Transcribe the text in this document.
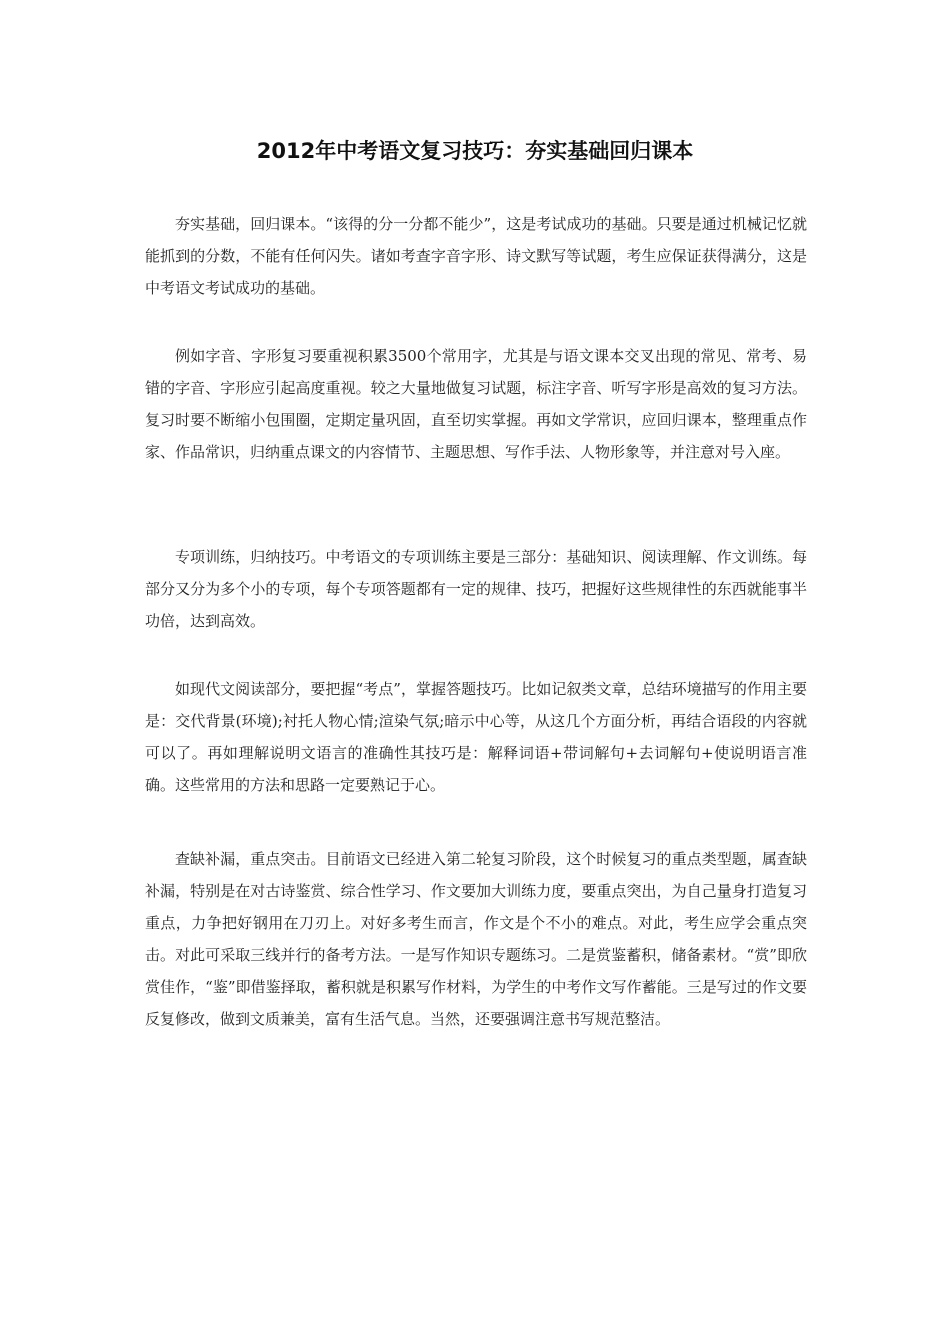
2012年中考语文复习技巧：夯实基础回归课本

夯实基础，回归课本。“该得的分一分都不能少”，这是考试成功的基础。只要是通过机械记忆就能抓到的分数，不能有任何闪失。诸如考查字音字形、诗文默写等试题，考生应保证获得满分，这是中考语文考试成功的基础。

例如字音、字形复习要重视积累3500个常用字，尤其是与语文课本交叉出现的常见、常考、易错的字音、字形应引起高度重视。较之大量地做复习试题，标注字音、听写字形是高效的复习方法。复习时要不断缩小包围圈，定期定量巩固，直至切实掌握。再如文学常识，应回归课本，整理重点作家、作品常识，归纳重点课文的内容情节、主题思想、写作手法、人物形象等，并注意对号入座。

专项训练，归纳技巧。中考语文的专项训练主要是三部分：基础知识、阅读理解、作文训练。每部分又分为多个小的专项，每个专项答题都有一定的规律、技巧，把握好这些规律性的东西就能事半功倍，达到高效。

如现代文阅读部分，要把握“考点”，掌握答题技巧。比如记叙类文章，总结环境描写的作用主要是：交代背景(环境);衬托人物心情;渲染气氛;暗示中心等，从这几个方面分析，再结合语段的内容就可以了。再如理解说明文语言的准确性其技巧是：解释词语+带词解句+去词解句+使说明语言准确。这些常用的方法和思路一定要熟记于心。

查缺补漏，重点突击。目前语文已经进入第二轮复习阶段，这个时候复习的重点类型题，属查缺补漏，特别是在对古诗鉴赏、综合性学习、作文要加大训练力度，要重点突出，为自己量身打造复习重点，力争把好钢用在刀刃上。对好多考生而言，作文是个不小的难点。对此，考生应学会重点突击。对此可采取三线并行的备考方法。一是写作知识专题练习。二是赏鉴蓄积，储备素材。“赏”即欣赏佳作，“鉴”即借鉴择取，蓄积就是积累写作材料，为学生的中考作文写作蓄能。三是写过的作文要反复修改，做到文质兼美，富有生活气息。当然，还要强调注意书写规范整洁。
